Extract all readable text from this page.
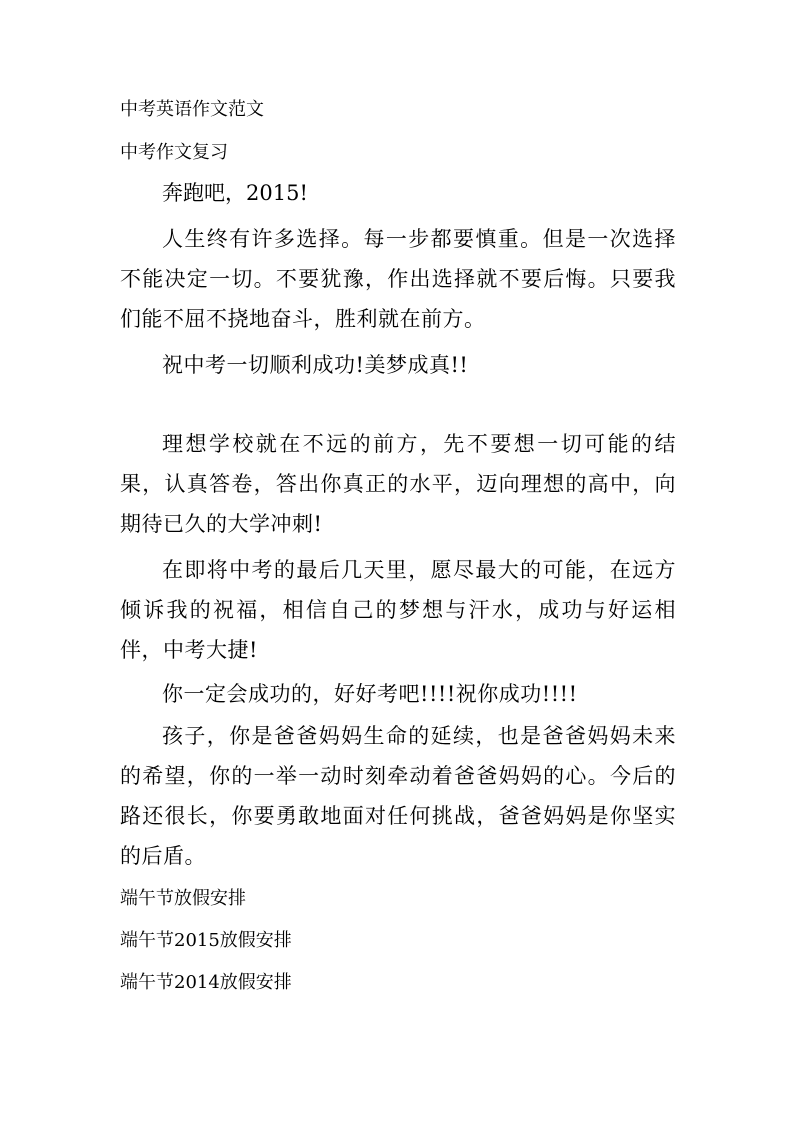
中考英语作文范文
中考作文复习
奔跑吧，2015!
人生终有许多选择。每一步都要慎重。但是一次选择不能决定一切。不要犹豫，作出选择就不要后悔。只要我们能不屈不挠地奋斗，胜利就在前方。
祝中考一切顺利成功!美梦成真!!
理想学校就在不远的前方，先不要想一切可能的结果，认真答卷，答出你真正的水平，迈向理想的高中，向期待已久的大学冲刺!
在即将中考的最后几天里，愿尽最大的可能，在远方倾诉我的祝福，相信自己的梦想与汗水，成功与好运相伴，中考大捷!
你一定会成功的，好好考吧!!!!祝你成功!!!!
孩子，你是爸爸妈妈生命的延续，也是爸爸妈妈未来的希望，你的一举一动时刻牵动着爸爸妈妈的心。今后的路还很长，你要勇敢地面对任何挑战，爸爸妈妈是你坚实的后盾。
端午节放假安排
端午节2015放假安排
端午节2014放假安排
